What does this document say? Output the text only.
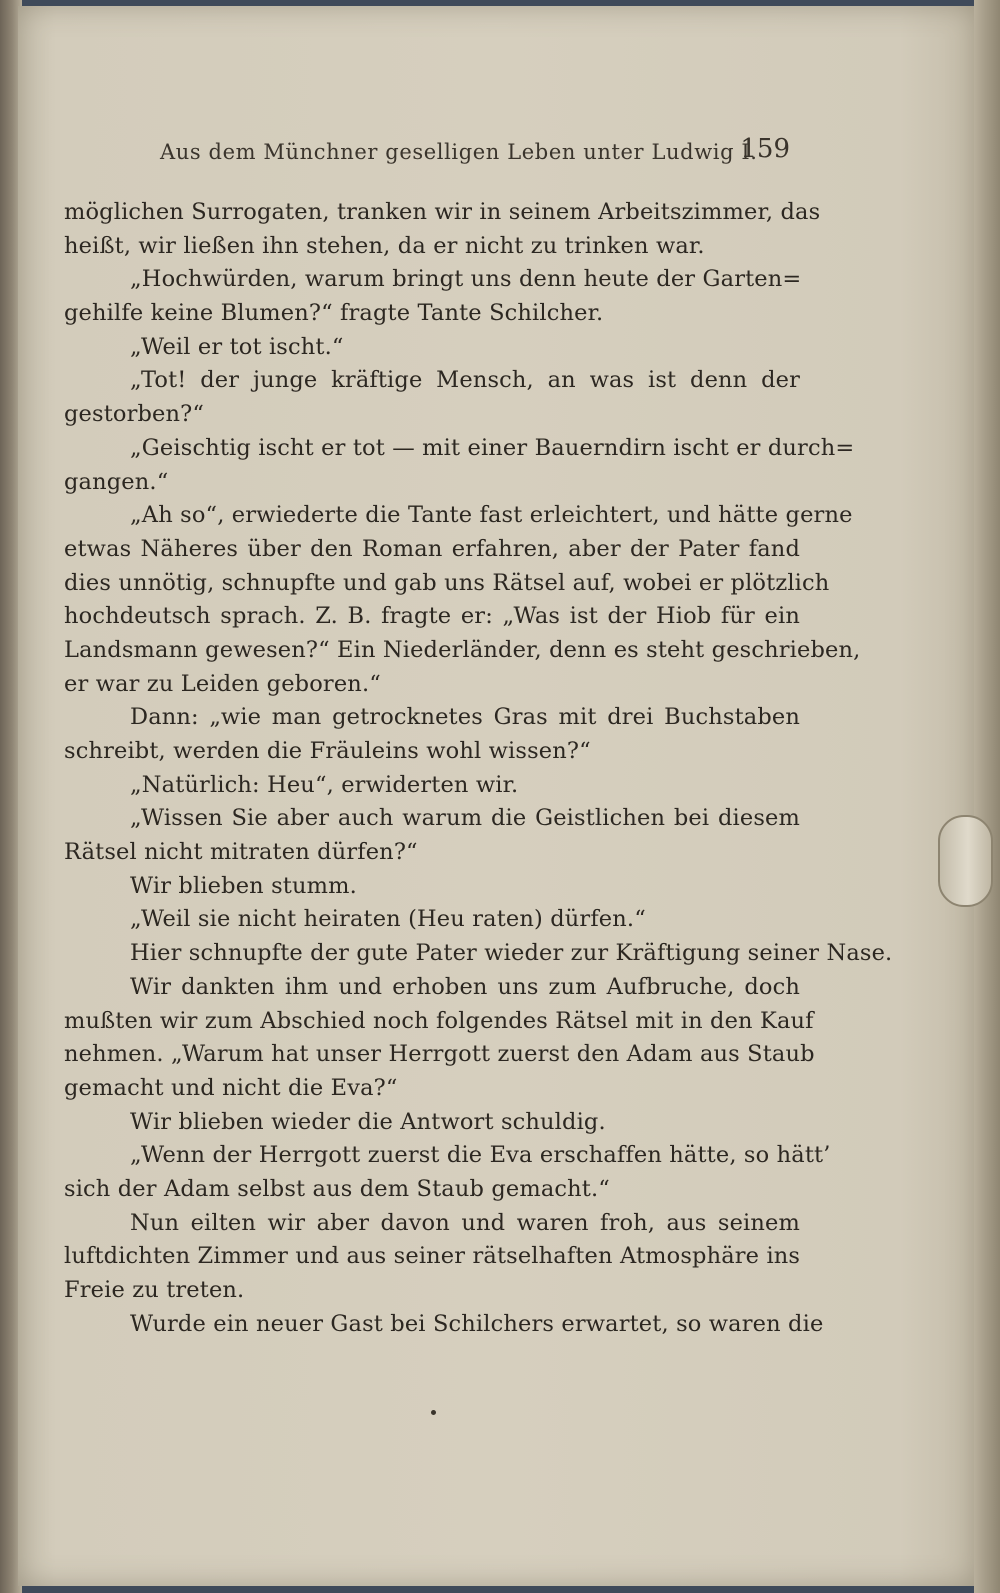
Aus dem Münchner geselligen Leben unter Ludwig I.
159
möglichen Surrogaten, tranken wir in seinem Arbeitszimmer, das
heißt, wir ließen ihn stehen, da er nicht zu trinken war.
„Hochwürden, warum bringt uns denn heute der Garten=
gehilfe keine Blumen?“ fragte Tante Schilcher.
„Weil er tot ischt.“
„Tot! der junge kräftige Mensch, an was ist denn der
gestorben?“
„Geischtig ischt er tot — mit einer Bauerndirn ischt er durch=
gangen.“
„Ah so“, erwiederte die Tante fast erleichtert, und hätte gerne
etwas Näheres über den Roman erfahren, aber der Pater fand
dies unnötig, schnupfte und gab uns Rätsel auf, wobei er plötzlich
hochdeutsch sprach. Z. B. fragte er: „Was ist der Hiob für ein
Landsmann gewesen?“ Ein Niederländer, denn es steht geschrieben,
er war zu Leiden geboren.“
Dann: „wie man getrocknetes Gras mit drei Buchstaben
schreibt, werden die Fräuleins wohl wissen?“
„Natürlich: Heu“, erwiderten wir.
„Wissen Sie aber auch warum die Geistlichen bei diesem
Rätsel nicht mitraten dürfen?“
Wir blieben stumm.
„Weil sie nicht heiraten (Heu raten) dürfen.“
Hier schnupfte der gute Pater wieder zur Kräftigung seiner Nase.
Wir dankten ihm und erhoben uns zum Aufbruche, doch
mußten wir zum Abschied noch folgendes Rätsel mit in den Kauf
nehmen. „Warum hat unser Herrgott zuerst den Adam aus Staub
gemacht und nicht die Eva?“
Wir blieben wieder die Antwort schuldig.
„Wenn der Herrgott zuerst die Eva erschaffen hätte, so hätt’
sich der Adam selbst aus dem Staub gemacht.“
Nun eilten wir aber davon und waren froh, aus seinem
luftdichten Zimmer und aus seiner rätselhaften Atmosphäre ins
Freie zu treten.
Wurde ein neuer Gast bei Schilchers erwartet, so waren die
